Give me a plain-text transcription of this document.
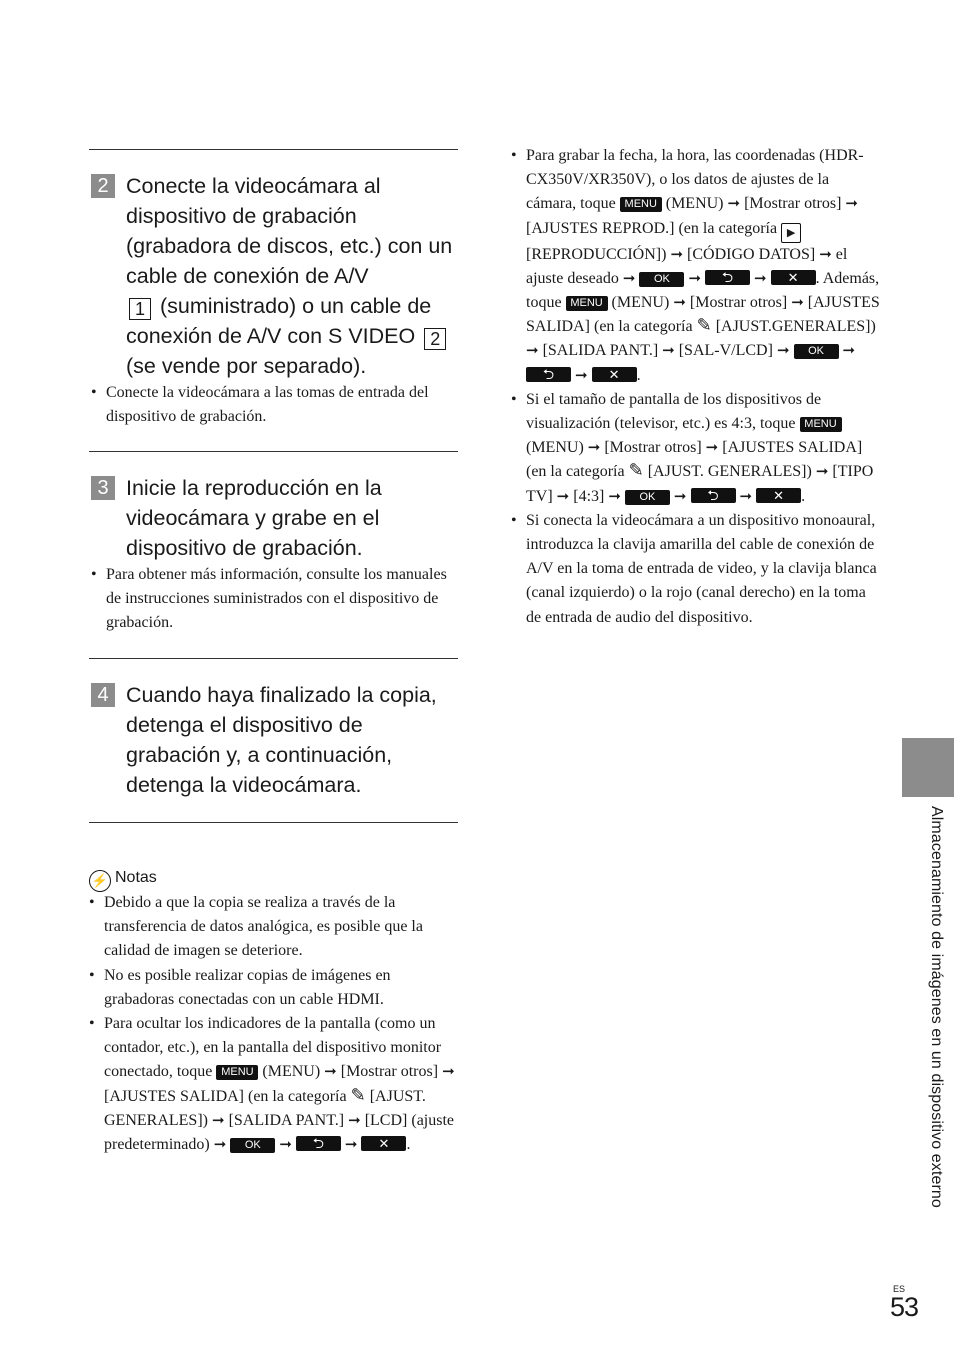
2 Conecte la videocámara al dispositivo de grabación (grabadora de discos, etc.) con un cable de conexión de A/V
1 (suministrado) o un cable de conexión de A/V con S VIDEO 2 (se vende por separado).
• Conecte la videocámara a las tomas de entrada del dispositivo de grabación.
3 Inicie la reproducción en la videocámara y grabe en el dispositivo de grabación.
• Para obtener más información, consulte los manuales de instrucciones suministrados con el dispositivo de grabación.
4 Cuando haya finalizado la copia, detenga el dispositivo de grabación y, a continuación, detenga la videocámara.
⚡ Notas
• Debido a que la copia se realiza a través de la transferencia de datos analógica, es posible que la calidad de imagen se deteriore.
• No es posible realizar copias de imágenes en grabadoras conectadas con un cable HDMI.
• Para ocultar los indicadores de la pantalla (como un contador, etc.), en la pantalla del dispositivo monitor conectado, toque MENU (MENU) ➞ [Mostrar otros] ➞ [AJUSTES SALIDA] (en la categoría ✎ [AJUST. GENERALES]) ➞ [SALIDA PANT.] ➞ [LCD] (ajuste predeterminado) ➞ OK ➞ ⮌ ➞ ✕ .
• Para grabar la fecha, la hora, las coordenadas (HDR-CX350V/XR350V), o los datos de ajustes de la cámara, toque MENU (MENU) ➞ [Mostrar otros] ➞ [AJUSTES REPROD.] (en la categoría ▶ [REPRODUCCIÓN]) ➞ [CÓDIGO DATOS] ➞ el ajuste deseado ➞ OK ➞ ⮌ ➞ ✕ . Además, toque MENU (MENU) ➞ [Mostrar otros] ➞ [AJUSTES SALIDA] (en la categoría ✎ [AJUST.GENERALES]) ➞ [SALIDA PANT.] ➞ [SAL-V/LCD] ➞ OK ➞ ⮌ ➞ ✕ .
• Si el tamaño de pantalla de los dispositivos de visualización (televisor, etc.) es 4:3, toque MENU (MENU) ➞ [Mostrar otros] ➞ [AJUSTES SALIDA] (en la categoría ✎ [AJUST. GENERALES]) ➞ [TIPO TV] ➞ [4:3] ➞ OK ➞ ⮌ ➞ ✕ .
• Si conecta la videocámara a un dispositivo monoaural, introduzca la clavija amarilla del cable de conexión de A/V en la toma de entrada de video, y la clavija blanca (canal izquierdo) o la rojo (canal derecho) en la toma de entrada de audio del dispositivo.
Almacenamiento de imágenes en un dispositivo externo
ES
53
